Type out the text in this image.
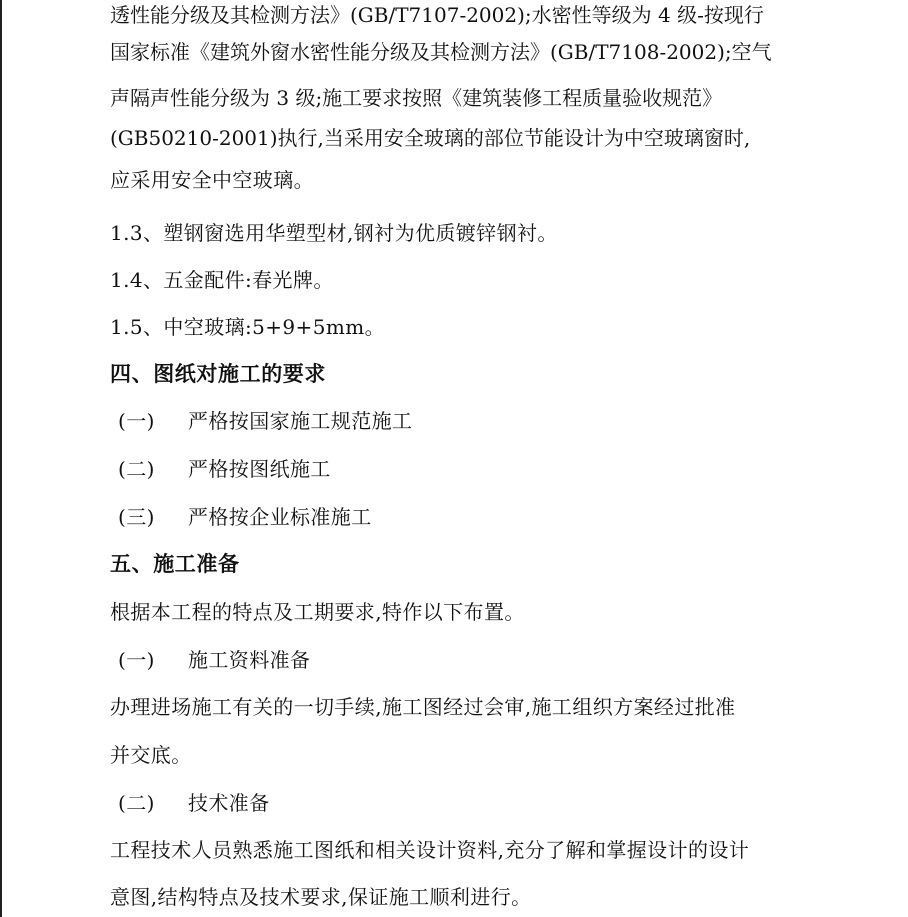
透性能分级及其检测方法》(GB/T7107-2002);水密性等级为 4 级-按现行
国家标准《建筑外窗水密性能分级及其检测方法》(GB/T7108-2002);空气
声隔声性能分级为 3 级;施工要求按照《建筑装修工程质量验收规范》
(GB50210-2001)执行,当采用安全玻璃的部位节能设计为中空玻璃窗时,
应采用安全中空玻璃。
1.3、塑钢窗选用华塑型材,钢衬为优质镀锌钢衬。
1.4、五金配件:春光牌。
1.5、中空玻璃:5+9+5mm。
四、图纸对施工的要求
(一) 严格按国家施工规范施工
(二) 严格按图纸施工
(三) 严格按企业标准施工
五、施工准备
根据本工程的特点及工期要求,特作以下布置。
(一) 施工资料准备
办理进场施工有关的一切手续,施工图经过会审,施工组织方案经过批准
并交底。
(二) 技术准备
工程技术人员熟悉施工图纸和相关设计资料,充分了解和掌握设计的设计
意图,结构特点及技术要求,保证施工顺利进行。
